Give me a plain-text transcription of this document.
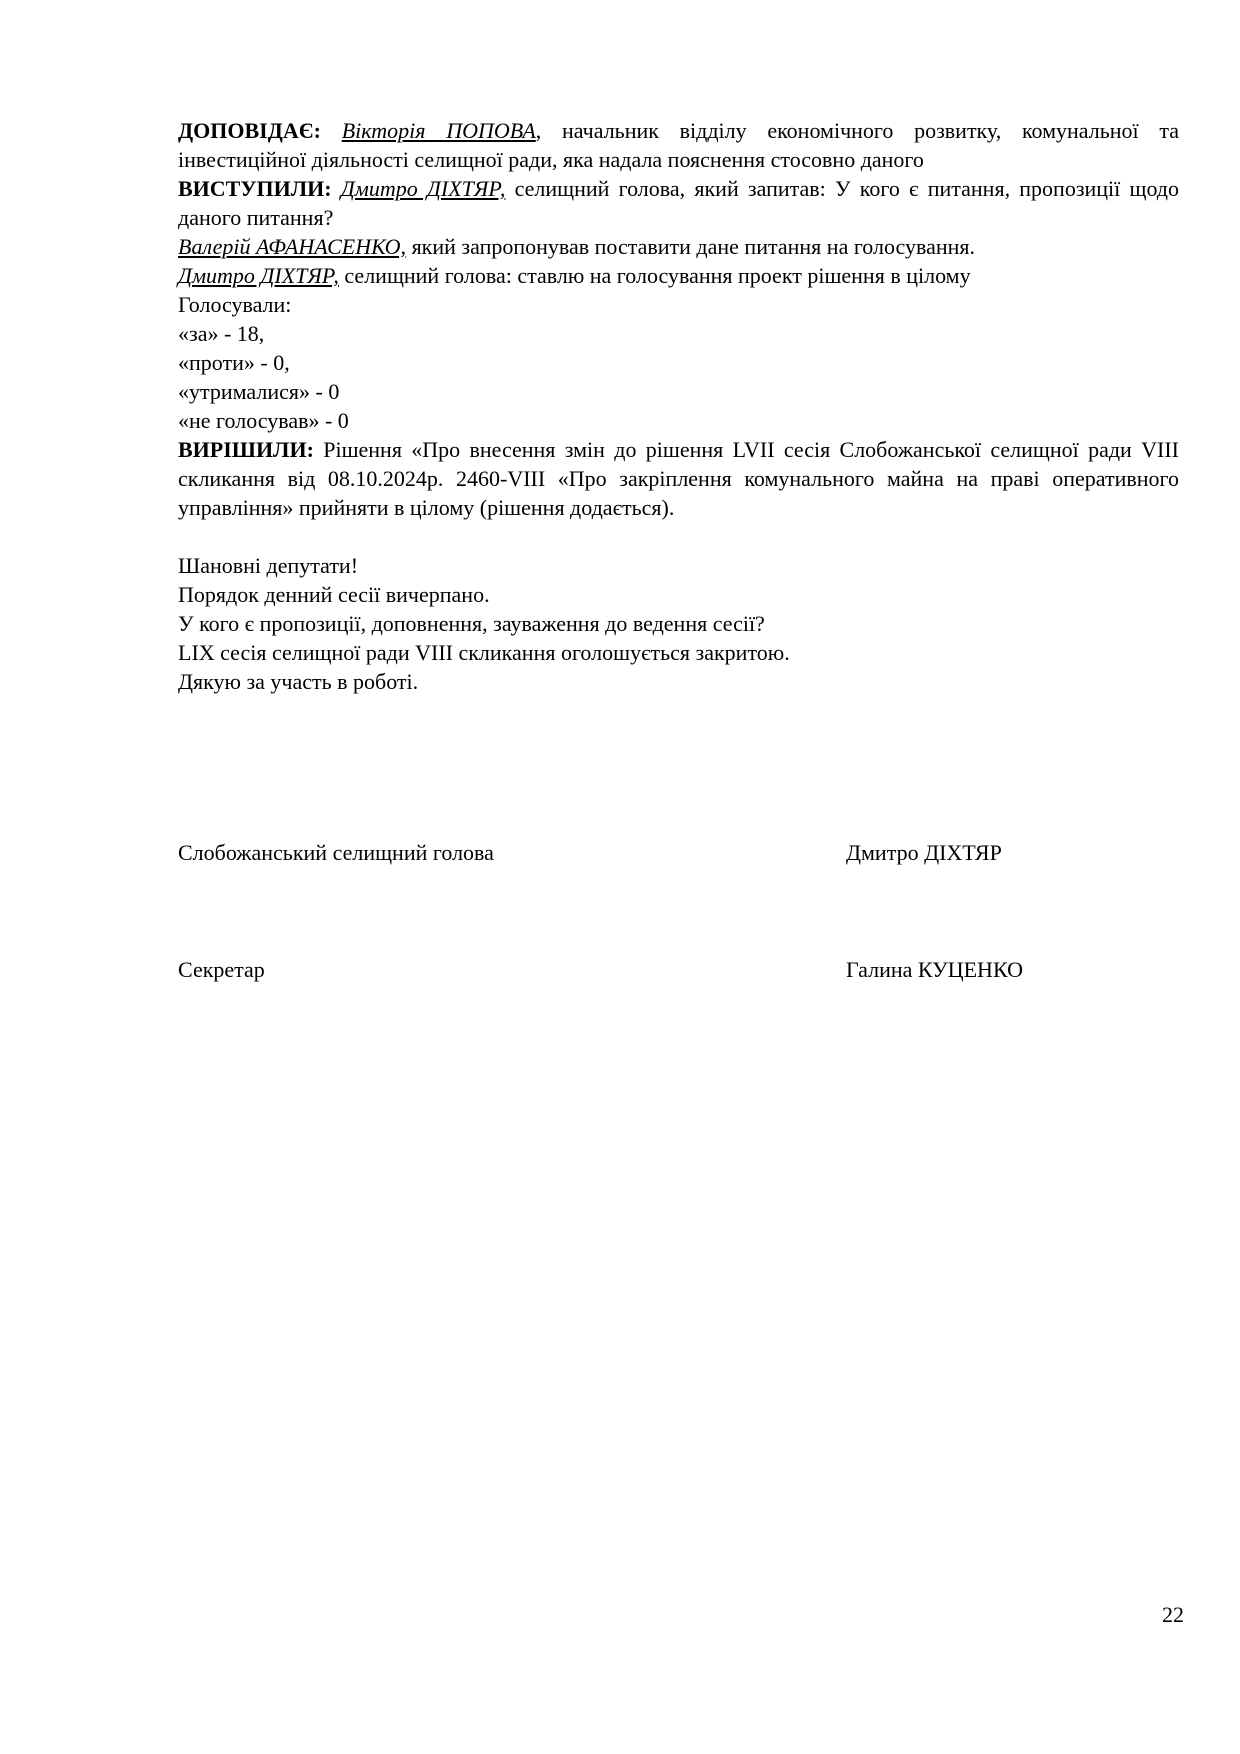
ДОПОВІДАЄ: Вікторія ПОПОВА, начальник відділу економічного розвитку, комунальної та інвестиційної діяльності селищної ради, яка надала пояснення стосовно даного

ВИСТУПИЛИ: Дмитро ДІХТЯР, селищний голова, який запитав: У кого є питання, пропозиції щодо даного питання?

Валерій АФАНАСЕНКО, який запропонував поставити дане питання на голосування.

Дмитро ДІХТЯР, селищний голова: ставлю на голосування проект рішення в цілому

Голосували:

«за» - 18,

«проти» - 0,

«утрималися» - 0

«не голосував» - 0

ВИРІШИЛИ: Рішення «Про внесення змін до рішення LVII сесія Слобожанської селищної ради VIII скликання від 08.10.2024р. 2460-VIII «Про закріплення комунального майна на праві оперативного управління» прийняти в цілому (рішення додається).

Шановні депутати!

Порядок денний сесії вичерпано.

У кого є пропозиції, доповнення, зауваження до ведення сесії?

LIX сесія селищної ради VIII скликання оголошується закритою.

Дякую за участь в роботі.

Слобожанський селищний голова	Дмитро ДІХТЯР

Секретар	Галина КУЦЕНКО

22
